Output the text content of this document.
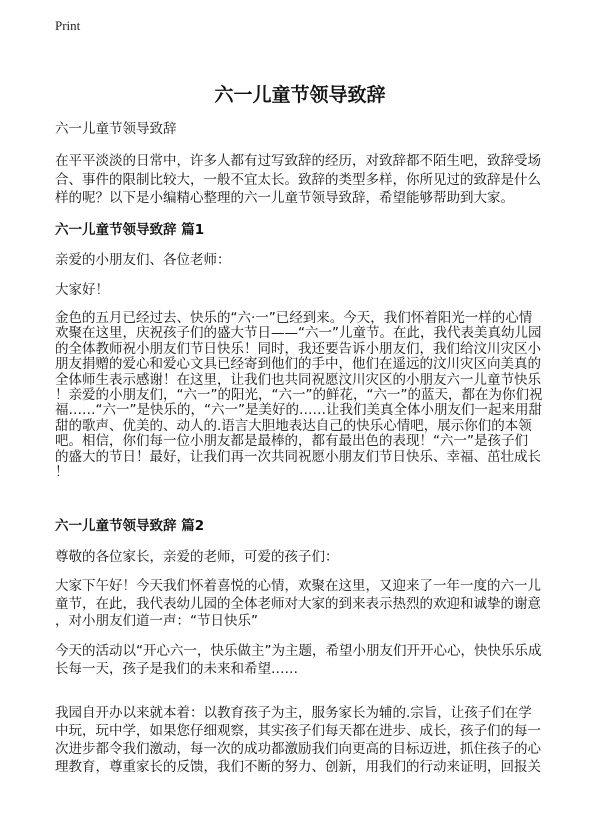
Print
六一儿童节领导致辞
六一儿童节领导致辞
在平平淡淡的日常中，许多人都有过写致辞的经历，对致辞都不陌生吧，致辞受场
合、事件的限制比较大，一般不宜太长。致辞的类型多样，你所见过的致辞是什么
样的呢？以下是小编精心整理的六一儿童节领导致辞，希望能够帮助到大家。
六一儿童节领导致辞 篇1
亲爱的小朋友们、各位老师：
大家好！
金色的五月已经过去、快乐的“六·一”已经到来。今天，我们怀着阳光一样的心情
欢聚在这里，庆祝孩子们的盛大节日——“六一”儿童节。在此，我代表美真幼儿园
的全体教师祝小朋友们节日快乐！同时，我还要告诉小朋友们，我们给汶川灾区小
朋友捐赠的爱心和爱心文具已经寄到他们的手中，他们在遥远的汶川灾区向美真的
全体师生表示感谢！在这里，让我们也共同祝愿汶川灾区的小朋友六一儿童节快乐
！亲爱的小朋友们，“六一”的阳光，“六一”的鲜花，“六一”的蓝天，都在为你们祝
福……“六一”是快乐的，“六一”是美好的……让我们美真全体小朋友们一起来用甜
甜的歌声、优美的、动人的.语言大胆地表达自己的快乐心情吧，展示你们的本领
吧。相信，你们每一位小朋友都是最棒的，都有最出色的表现！“六一”是孩子们
的盛大的节日！最好，让我们再一次共同祝愿小朋友们节日快乐、幸福、茁壮成长
！
六一儿童节领导致辞 篇2
尊敬的各位家长，亲爱的老师，可爱的孩子们：
大家下午好！今天我们怀着喜悦的心情，欢聚在这里，又迎来了一年一度的六一儿
童节，在此，我代表幼儿园的全体老师对大家的到来表示热烈的欢迎和诚挚的谢意
，对小朋友们道一声：“节日快乐”
今天的活动以“开心六一，快乐做主”为主题，希望小朋友们开开心心，快快乐乐成
长每一天，孩子是我们的未来和希望……
我园自开办以来就本着：以教育孩子为主，服务家长为辅的.宗旨，让孩子们在学
中玩，玩中学，如果您仔细观察，其实孩子们每天都在进步、成长，孩子们的每一
次进步都令我们激动，每一次的成功都激励我们向更高的目标迈进，抓住孩子的心
理教育，尊重家长的反馈，我们不断的努力、创新，用我们的行动来证明，回报关
